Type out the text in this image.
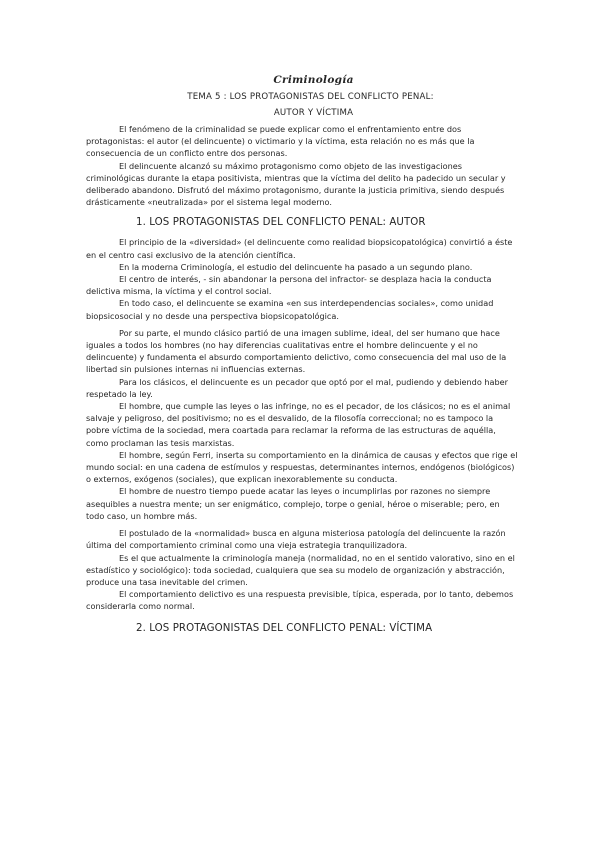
Criminología
TEMA 5 : LOS PROTAGONISTAS DEL CONFLICTO PENAL:
AUTOR Y VÍCTIMA

El fenómeno de la criminalidad se puede explicar como el enfrentamiento entre dos protagonistas: el autor (el delincuente) o victimario y la víctima, esta relación no es más que la consecuencia de un conflicto entre dos personas.

El delincuente alcanzó su máximo protagonismo como objeto de las investigaciones criminológicas durante la etapa positivista, mientras que la víctima del delito ha padecido un secular y deliberado abandono. Disfrutó del máximo protagonismo, durante la justicia primitiva, siendo después drásticamente «neutralizada» por el sistema legal moderno.

1. LOS PROTAGONISTAS DEL CONFLICTO PENAL: AUTOR

El principio de la «diversidad» (el delincuente como realidad biopsicopatológica) convirtió a éste en el centro casi exclusivo de la atención científica.

En la moderna Criminología, el estudio del delincuente ha pasado a un segundo plano.

El centro de interés, - sin abandonar la persona del infractor- se desplaza hacia la conducta delictiva misma, la víctima y el control social.

En todo caso, el delincuente se examina «en sus interdependencias sociales», como unidad biopsicosocial y no desde una perspectiva biopsicopatológica.

Por su parte, el mundo clásico partió de una imagen sublime, ideal, del ser humano que hace iguales a todos los hombres (no hay diferencias cualitativas entre el hombre delincuente y el no delincuente) y fundamenta el absurdo comportamiento delictivo, como consecuencia del mal uso de la libertad sin pulsiones internas ni influencias externas.

Para los clásicos, el delincuente es un pecador que optó por el mal, pudiendo y debiendo haber respetado la ley.

El hombre, que cumple las leyes o las infringe, no es el pecador, de los clásicos; no es el animal salvaje y peligroso, del positivismo; no es el desvalido, de la filosofía correccional; no es tampoco la pobre víctima de la sociedad, mera coartada para reclamar la reforma de las estructuras de aquélla, como proclaman las tesis marxistas.

El hombre, según Ferri, inserta su comportamiento en la dinámica de causas y efectos que rige el mundo social: en una cadena de estímulos y respuestas, determinantes internos, endógenos (biológicos) o externos, exógenos (sociales), que explican inexorablemente su conducta.

El hombre de nuestro tiempo puede acatar las leyes o incumplirlas por razones no siempre asequibles a nuestra mente; un ser enigmático, complejo, torpe o genial, héroe o miserable; pero, en todo caso, un hombre más.

El postulado de la «normalidad» busca en alguna misteriosa patología del delincuente la razón última del comportamiento criminal como una vieja estrategia tranquilizadora.

Es el que actualmente la criminología maneja (normalidad, no en el sentido valorativo, sino en el estadístico y sociológico): toda sociedad, cualquiera que sea su modelo de organización y abstracción, produce una tasa inevitable del crimen.

El comportamiento delictivo es una respuesta previsible, típica, esperada, por lo tanto, debemos considerarla como normal.

2. LOS PROTAGONISTAS DEL CONFLICTO PENAL: VÍCTIMA
